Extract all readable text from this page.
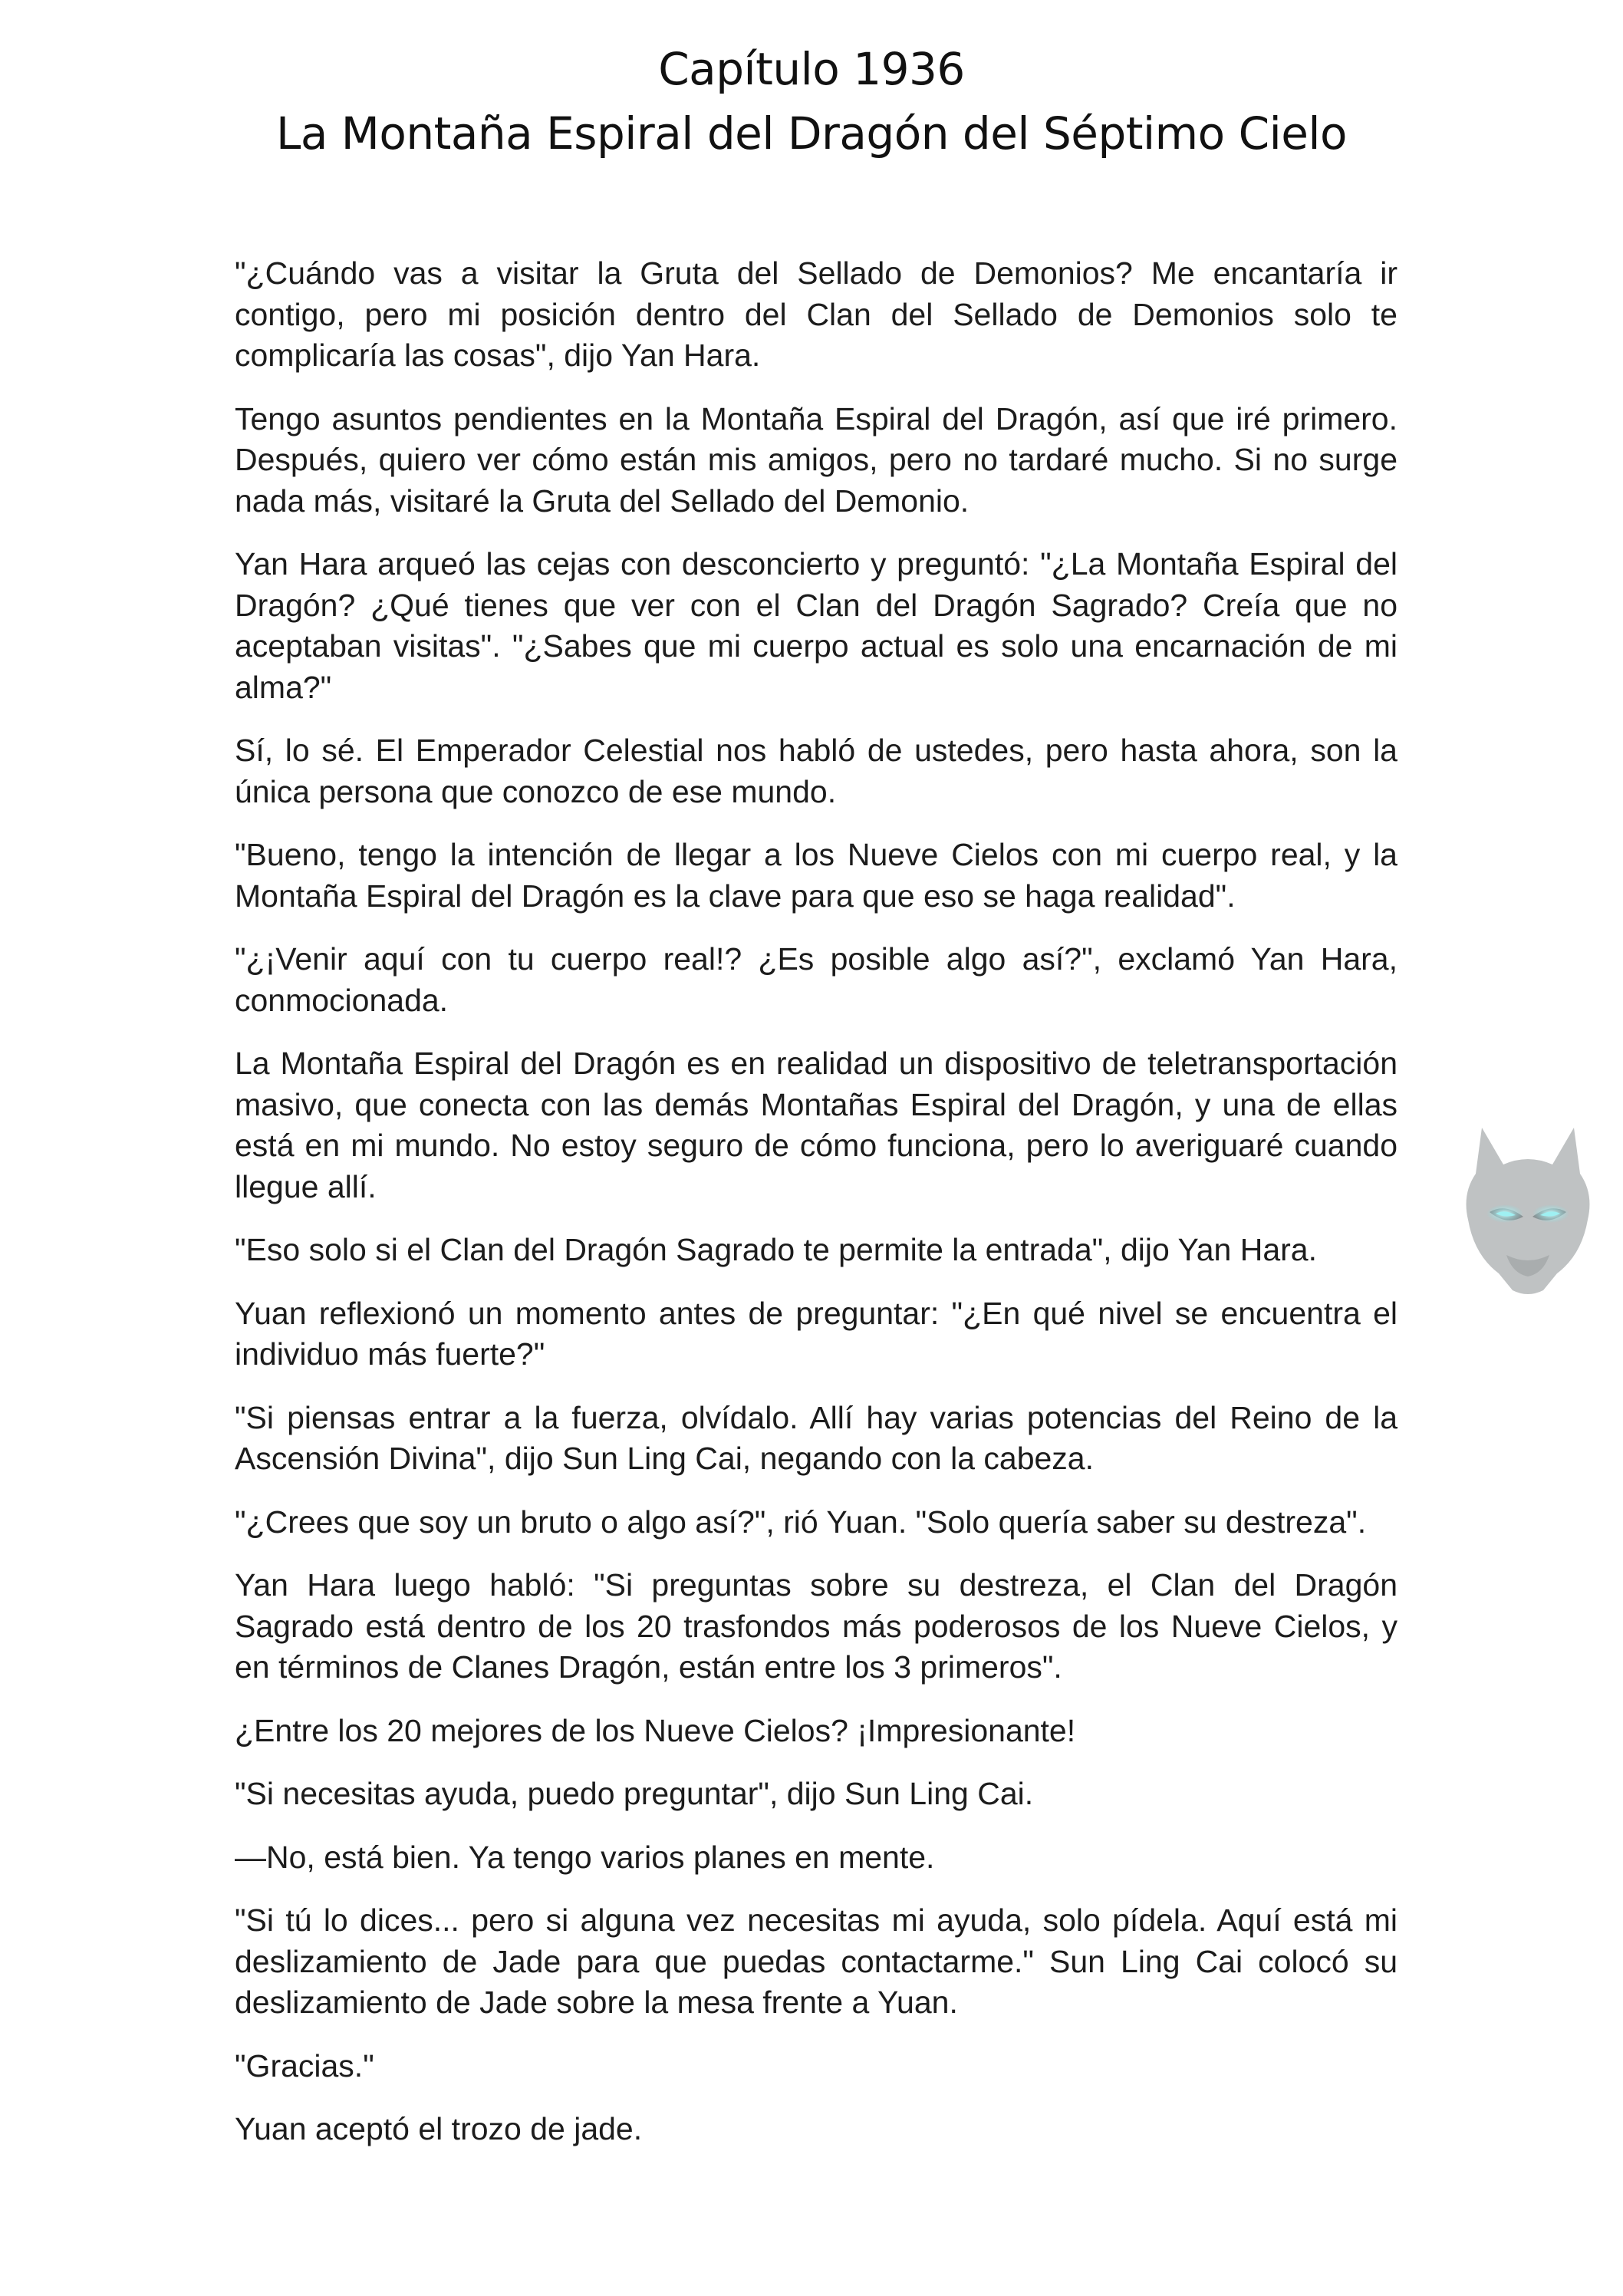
Capítulo 1936
La Montaña Espiral del Dragón del Séptimo Cielo

"¿Cuándo vas a visitar la Gruta del Sellado de Demonios? Me encantaría ir contigo, pero mi posición dentro del Clan del Sellado de Demonios solo te complicaría las cosas", dijo Yan Hara.

Tengo asuntos pendientes en la Montaña Espiral del Dragón, así que iré primero. Después, quiero ver cómo están mis amigos, pero no tardaré mucho. Si no surge nada más, visitaré la Gruta del Sellado del Demonio.

Yan Hara arqueó las cejas con desconcierto y preguntó: "¿La Montaña Espiral del Dragón? ¿Qué tienes que ver con el Clan del Dragón Sagrado? Creía que no aceptaban visitas". "¿Sabes que mi cuerpo actual es solo una encarnación de mi alma?"

Sí, lo sé. El Emperador Celestial nos habló de ustedes, pero hasta ahora, son la única persona que conozco de ese mundo.

"Bueno, tengo la intención de llegar a los Nueve Cielos con mi cuerpo real, y la Montaña Espiral del Dragón es la clave para que eso se haga realidad".

"¿¡Venir aquí con tu cuerpo real!? ¿Es posible algo así?", exclamó Yan Hara, conmocionada.

La Montaña Espiral del Dragón es en realidad un dispositivo de teletransportación masivo, que conecta con las demás Montañas Espiral del Dragón, y una de ellas está en mi mundo. No estoy seguro de cómo funciona, pero lo averiguaré cuando llegue allí.

"Eso solo si el Clan del Dragón Sagrado te permite la entrada", dijo Yan Hara.

Yuan reflexionó un momento antes de preguntar: "¿En qué nivel se encuentra el individuo más fuerte?"

"Si piensas entrar a la fuerza, olvídalo. Allí hay varias potencias del Reino de la Ascensión Divina", dijo Sun Ling Cai, negando con la cabeza.

"¿Crees que soy un bruto o algo así?", rió Yuan. "Solo quería saber su destreza".

Yan Hara luego habló: "Si preguntas sobre su destreza, el Clan del Dragón Sagrado está dentro de los 20 trasfondos más poderosos de los Nueve Cielos, y en términos de Clanes Dragón, están entre los 3 primeros".

¿Entre los 20 mejores de los Nueve Cielos? ¡Impresionante!

"Si necesitas ayuda, puedo preguntar", dijo Sun Ling Cai.

—No, está bien. Ya tengo varios planes en mente.

"Si tú lo dices... pero si alguna vez necesitas mi ayuda, solo pídela. Aquí está mi deslizamiento de Jade para que puedas contactarme." Sun Ling Cai colocó su deslizamiento de Jade sobre la mesa frente a Yuan.

"Gracias."

Yuan aceptó el trozo de jade.
